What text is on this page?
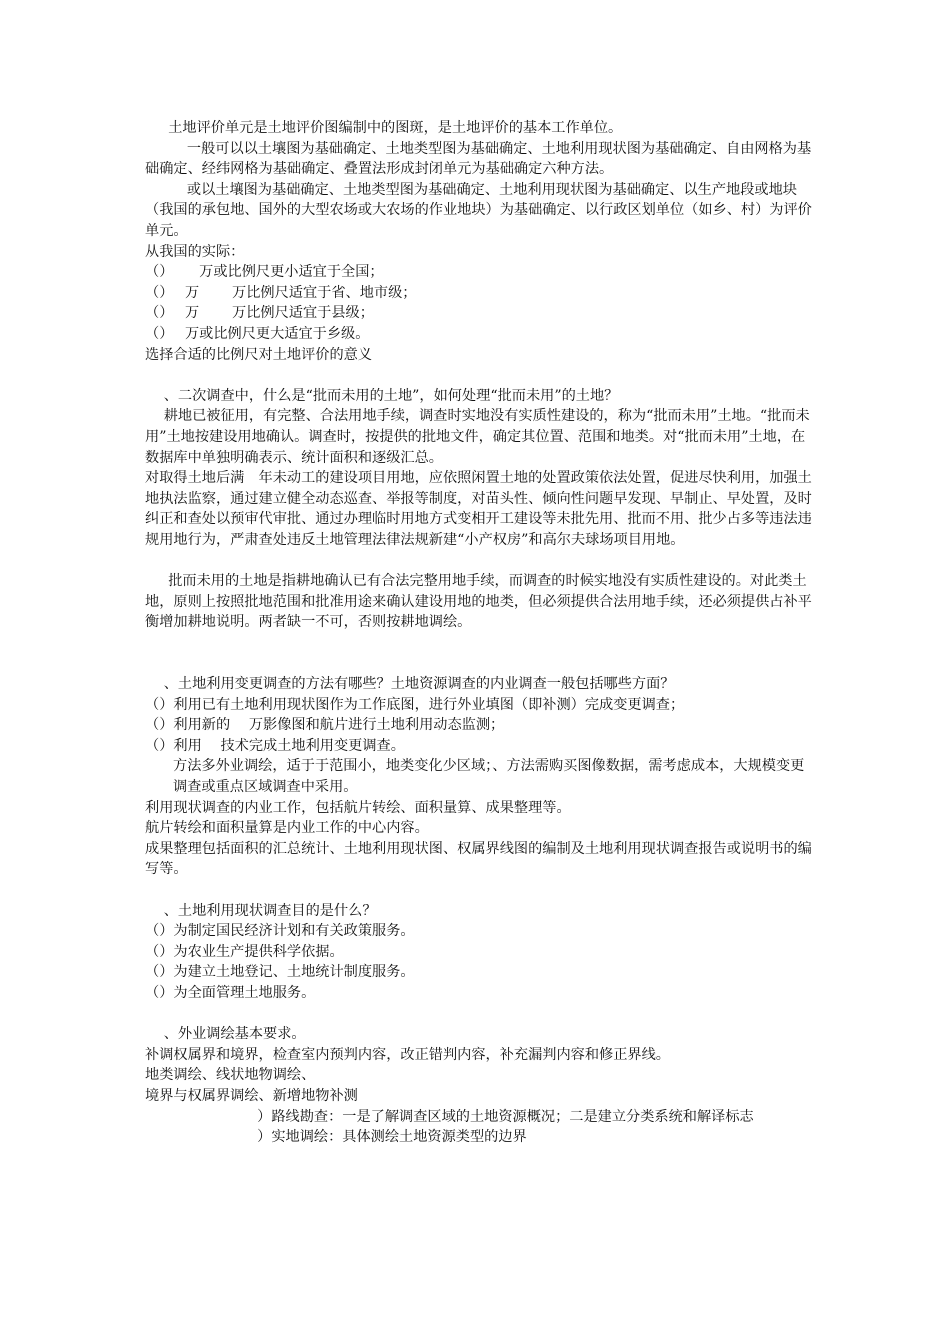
　  土地评价单元是土地评价图编制中的图斑，是土地评价的基本工作单位。

　  　 一般可以以土壤图为基础确定、土地类型图为基础确定、土地利用现状图为基础确定、自由网格为基础确定、经纬网格为基础确定、叠置法形成封闭单元为基础确定六种方法。

　  　 或以土壤图为基础确定、土地类型图为基础确定、土地利用现状图为基础确定、以生产地段或地块（我国的承包地、国外的大型农场或大农场的作业地块）为基础确定、以行政区划单位（如乡、村）为评价单元。

从我国的实际：

（）　　 万或比例尺更小适宜于全国；

（）　 万　　 万比例尺适宜于省、地市级；

（）　 万　　 万比例尺适宜于县级；

（）　 万或比例尺更大适宜于乡级。

选择合适的比例尺对土地评价的意义

　 、二次调查中，什么是“批而未用的土地”，如何处理“批而未用”的土地？

　 耕地已被征用，有完整、合法用地手续，调查时实地没有实质性建设的，称为“批而未用”土地。“批而未用”土地按建设用地确认。调查时，按提供的批地文件，确定其位置、范围和地类。对“批而未用”土地，在数据库中单独明确表示、统计面积和逐级汇总。

对取得土地后满　年未动工的建设项目用地，应依照闲置土地的处置政策依法处置，促进尽快利用，加强土地执法监察，通过建立健全动态巡查、举报等制度，对苗头性、倾向性问题早发现、早制止、早处置，及时纠正和查处以预审代审批、通过办理临时用地方式变相开工建设等未批先用、批而不用、批少占多等违法违规用地行为，严肃查处违反土地管理法律法规新建“小产权房”和高尔夫球场项目用地。

　  批而未用的土地是指耕地确认已有合法完整用地手续，而调查的时候实地没有实质性建设的。对此类土地，原则上按照批地范围和批准用途来确认建设用地的地类，但必须提供合法用地手续，还必须提供占补平衡增加耕地说明。两者缺一不可，否则按耕地调绘。

　 、土地利用变更调查的方法有哪些？土地资源调查的内业调查一般包括哪些方面？

（）利用已有土地利用现状图作为工作底图，进行外业填图（即补测）完成变更调查；

（）利用新的　 万影像图和航片进行土地利用动态监测；

（）利用　 技术完成土地利用变更调查。

方法多外业调绘，适于于范围小，地类变化少区域；、方法需购买图像数据，需考虑成本，大规模变更调查或重点区域调查中采用。

利用现状调查的内业工作，包括航片转绘、面积量算、成果整理等。

航片转绘和面积量算是内业工作的中心内容。

成果整理包括面积的汇总统计、土地利用现状图、权属界线图的编制及土地利用现状调查报告或说明书的编写等。

　 、土地利用现状调查目的是什么？

（）为制定国民经济计划和有关政策服务。

（）为农业生产提供科学依据。

（）为建立土地登记、土地统计制度服务。

（）为全面管理土地服务。

　 、外业调绘基本要求。

补调权属界和境界，检查室内预判内容，改正错判内容，补充漏判内容和修正界线。

地类调绘、线状地物调绘、

境界与权属界调绘、新增地物补测

　 　 　 　 　 　 ）路线勘查：一是了解调查区域的土地资源概况；二是建立分类系统和解译标志

　 　 　 　 　 　 ）实地调绘：具体测绘土地资源类型的边界
